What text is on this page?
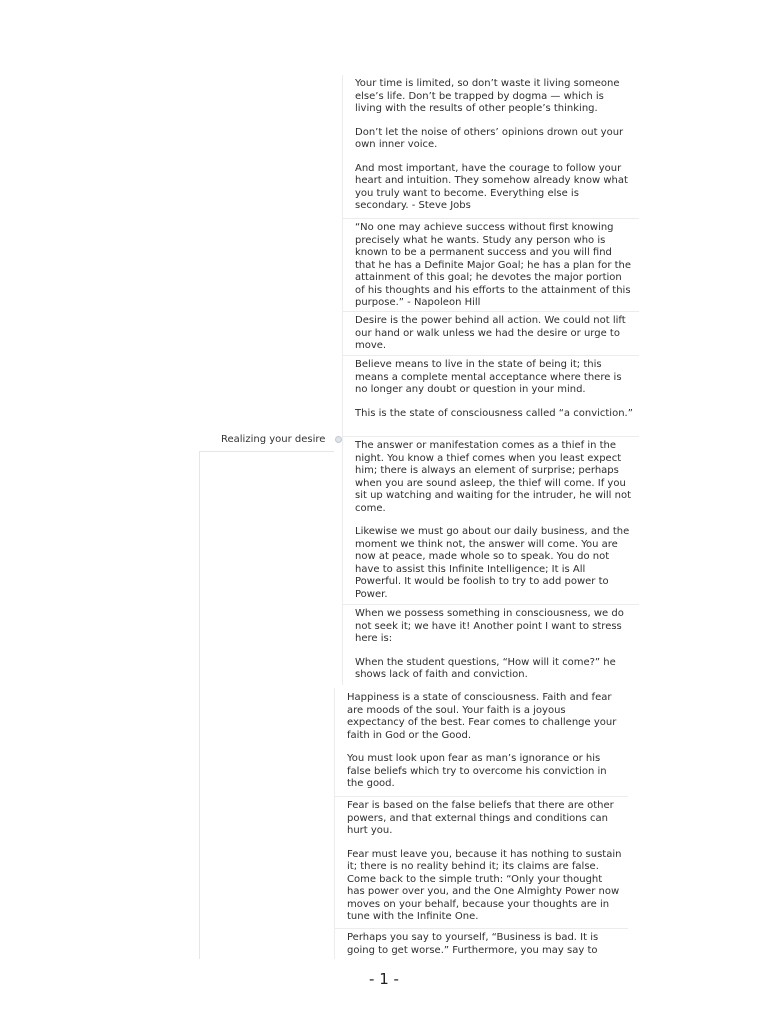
Realizing your desire

Your time is limited, so don’t waste it living someone else’s life. Don’t be trapped by dogma — which is living with the results of other people’s thinking.

Don’t let the noise of others’ opinions drown out your own inner voice.

And most important, have the courage to follow your heart and intuition. They somehow already know what you truly want to become. Everything else is secondary. - Steve Jobs

“No one may achieve success without first knowing precisely what he wants. Study any person who is known to be a permanent success and you will find that he has a Definite Major Goal; he has a plan for the attainment of this goal; he devotes the major portion of his thoughts and his efforts to the attainment of this purpose.” - Napoleon Hill

Desire is the power behind all action. We could not lift our hand or walk unless we had the desire or urge to move.

Believe means to live in the state of being it; this means a complete mental acceptance where there is no longer any doubt or question in your mind.

This is the state of consciousness called “a conviction.”

The answer or manifestation comes as a thief in the night. You know a thief comes when you least expect him; there is always an element of surprise; perhaps when you are sound asleep, the thief will come. If you sit up watching and waiting for the intruder, he will not come.

Likewise we must go about our daily business, and the moment we think not, the answer will come. You are now at peace, made whole so to speak. You do not have to assist this Infinite Intelligence; It is All Powerful. It would be foolish to try to add power to Power.

When we possess something in consciousness, we do not seek it; we have it! Another point I want to stress here is:

When the student questions, “How will it come?” he shows lack of faith and conviction.

Happiness is a state of consciousness. Faith and fear are moods of the soul. Your faith is a joyous expectancy of the best. Fear comes to challenge your faith in God or the Good.

You must look upon fear as man’s ignorance or his false beliefs which try to overcome his conviction in the good.

Fear is based on the false beliefs that there are other powers, and that external things and conditions can hurt you.

Fear must leave you, because it has nothing to sustain it; there is no reality behind it; its claims are false. Come back to the simple truth: “Only your thought has power over you, and the One Almighty Power now moves on your behalf, because your thoughts are in tune with the Infinite One.

Perhaps you say to yourself, “Business is bad. It is going to get worse.” Furthermore, you may say to

- 1 -
